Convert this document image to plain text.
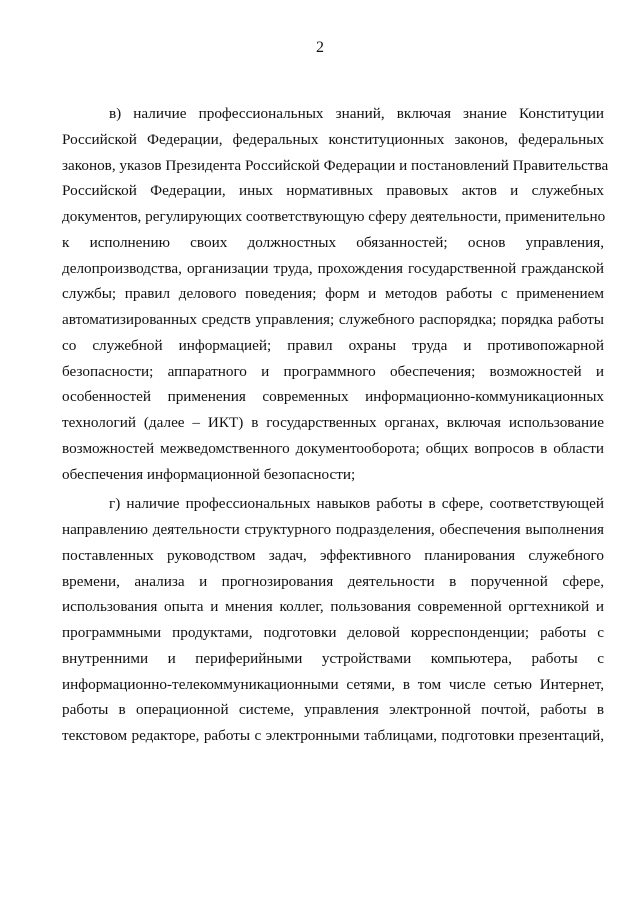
2
в) наличие профессиональных знаний, включая знание Конституции
Российской Федерации, федеральных конституционных законов, федеральных
законов, указов Президента Российской Федерации и постановлений Правительства
Российской Федерации, иных нормативных правовых актов и служебных
документов, регулирующих соответствующую сферу деятельности, применительно
к исполнению своих должностных обязанностей; основ управления,
делопроизводства, организации труда, прохождения государственной гражданской
службы; правил делового поведения; форм и методов работы с применением
автоматизированных средств управления; служебного распорядка; порядка работы
со служебной информацией; правил охраны труда и противопожарной
безопасности; аппаратного и программного обеспечения; возможностей и
особенностей применения современных информационно-коммуникационных
технологий (далее – ИКТ) в государственных органах, включая использование
возможностей межведомственного документооборота; общих вопросов в области
обеспечения информационной безопасности;
г) наличие профессиональных навыков работы в сфере, соответствующей
направлению деятельности структурного подразделения, обеспечения выполнения
поставленных руководством задач, эффективного планирования служебного
времени, анализа и прогнозирования деятельности в порученной сфере,
использования опыта и мнения коллег, пользования современной оргтехникой и
программными продуктами, подготовки деловой корреспонденции; работы с
внутренними и периферийными устройствами компьютера, работы с
информационно-телекоммуникационными сетями, в том числе сетью Интернет,
работы в операционной системе, управления электронной почтой, работы в
текстовом редакторе, работы с электронными таблицами, подготовки презентаций,
